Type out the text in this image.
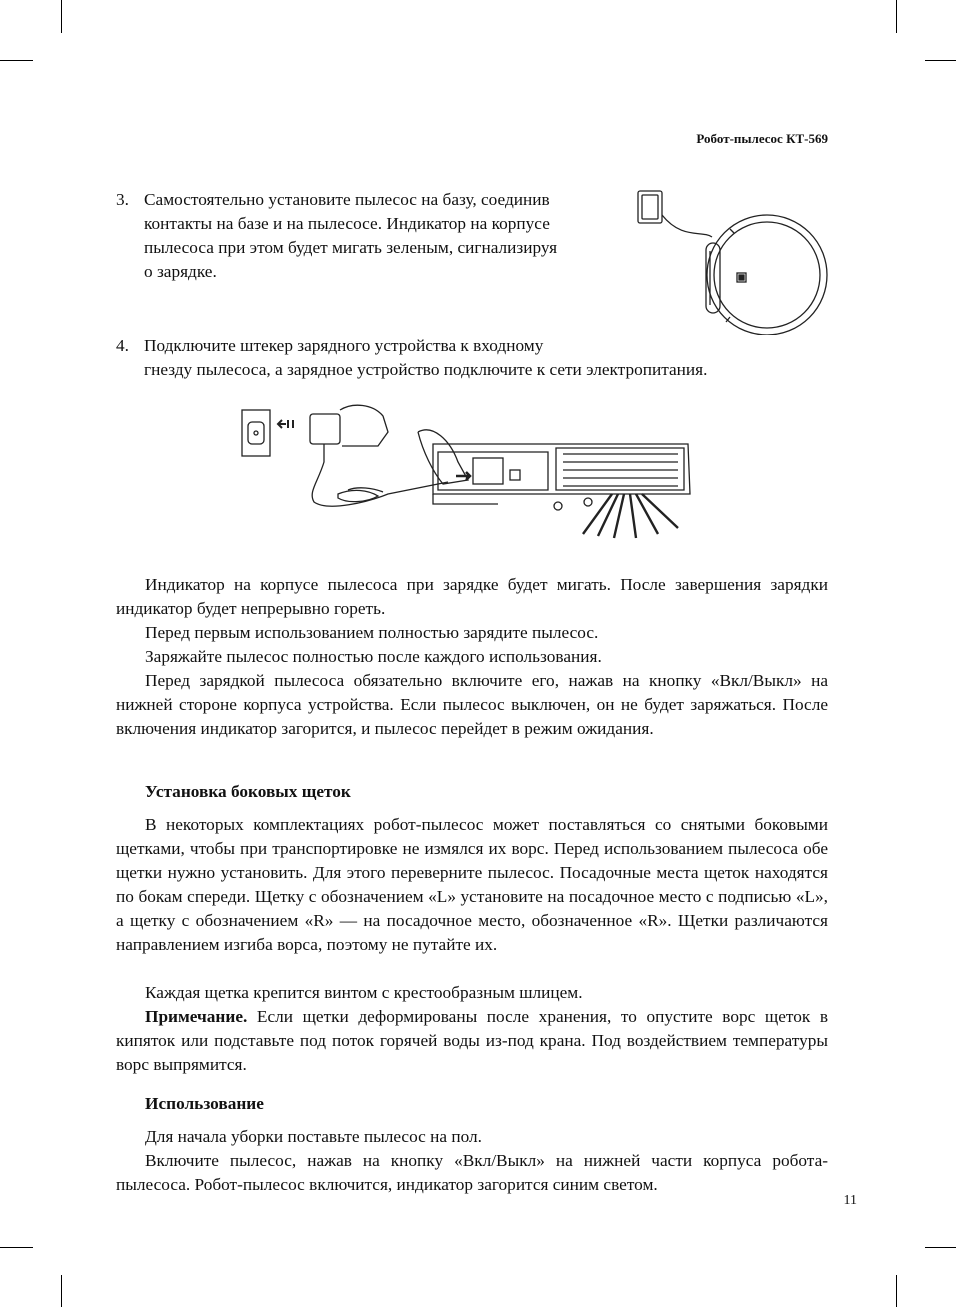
Робот-пылесос КТ-569
3. Самостоятельно установите пылесос на базу, соединив
контакты на базе и на пылесосе. Индикатор на корпусе
пылесоса при этом будет мигать зеленым, сигнализируя
о зарядке.
4. Подключите штекер зарядного устройства к входному
гнезду пылесоса, а зарядное устройство подключите к сети электропитания.
Индикатор на корпусе пылесоса при зарядке будет мигать. После завершения зарядки индикатор будет непрерывно гореть.
Перед первым использованием полностью зарядите пылесос.
Заряжайте пылесос полностью после каждого использования.
Перед зарядкой пылесоса обязательно включите его, нажав на кнопку «Вкл/Выкл» на нижней стороне корпуса устройства. Если пылесос выключен, он не будет заряжаться. После включения индикатор загорится, и пылесос перейдет в режим ожидания.
Установка боковых щеток
В некоторых комплектациях робот-пылесос может поставляться со снятыми боковыми щетками, чтобы при транспортировке не измялся их ворс. Перед использованием пылесоса обе щетки нужно установить. Для этого переверните пылесос. Посадочные места щеток находятся по бокам спереди. Щетку с обозначением «L» установите на посадочное место с подписью «L», а щетку с обозначением «R» — на посадочное место, обозначенное «R». Щетки различаются направлением изгиба ворса, поэтому не путайте их.
Каждая щетка крепится винтом с крестообразным шлицем.
Примечание. Если щетки деформированы после хранения, то опустите ворс щеток в кипяток или подставьте под поток горячей воды из-под крана. Под воздействием температуры ворс выпрямится.
Использование
Для начала уборки поставьте пылесос на пол.
Включите пылесос, нажав на кнопку «Вкл/Выкл» на нижней части корпуса робота-пылесоса. Робот-пылесос включится, индикатор загорится синим светом.
11
